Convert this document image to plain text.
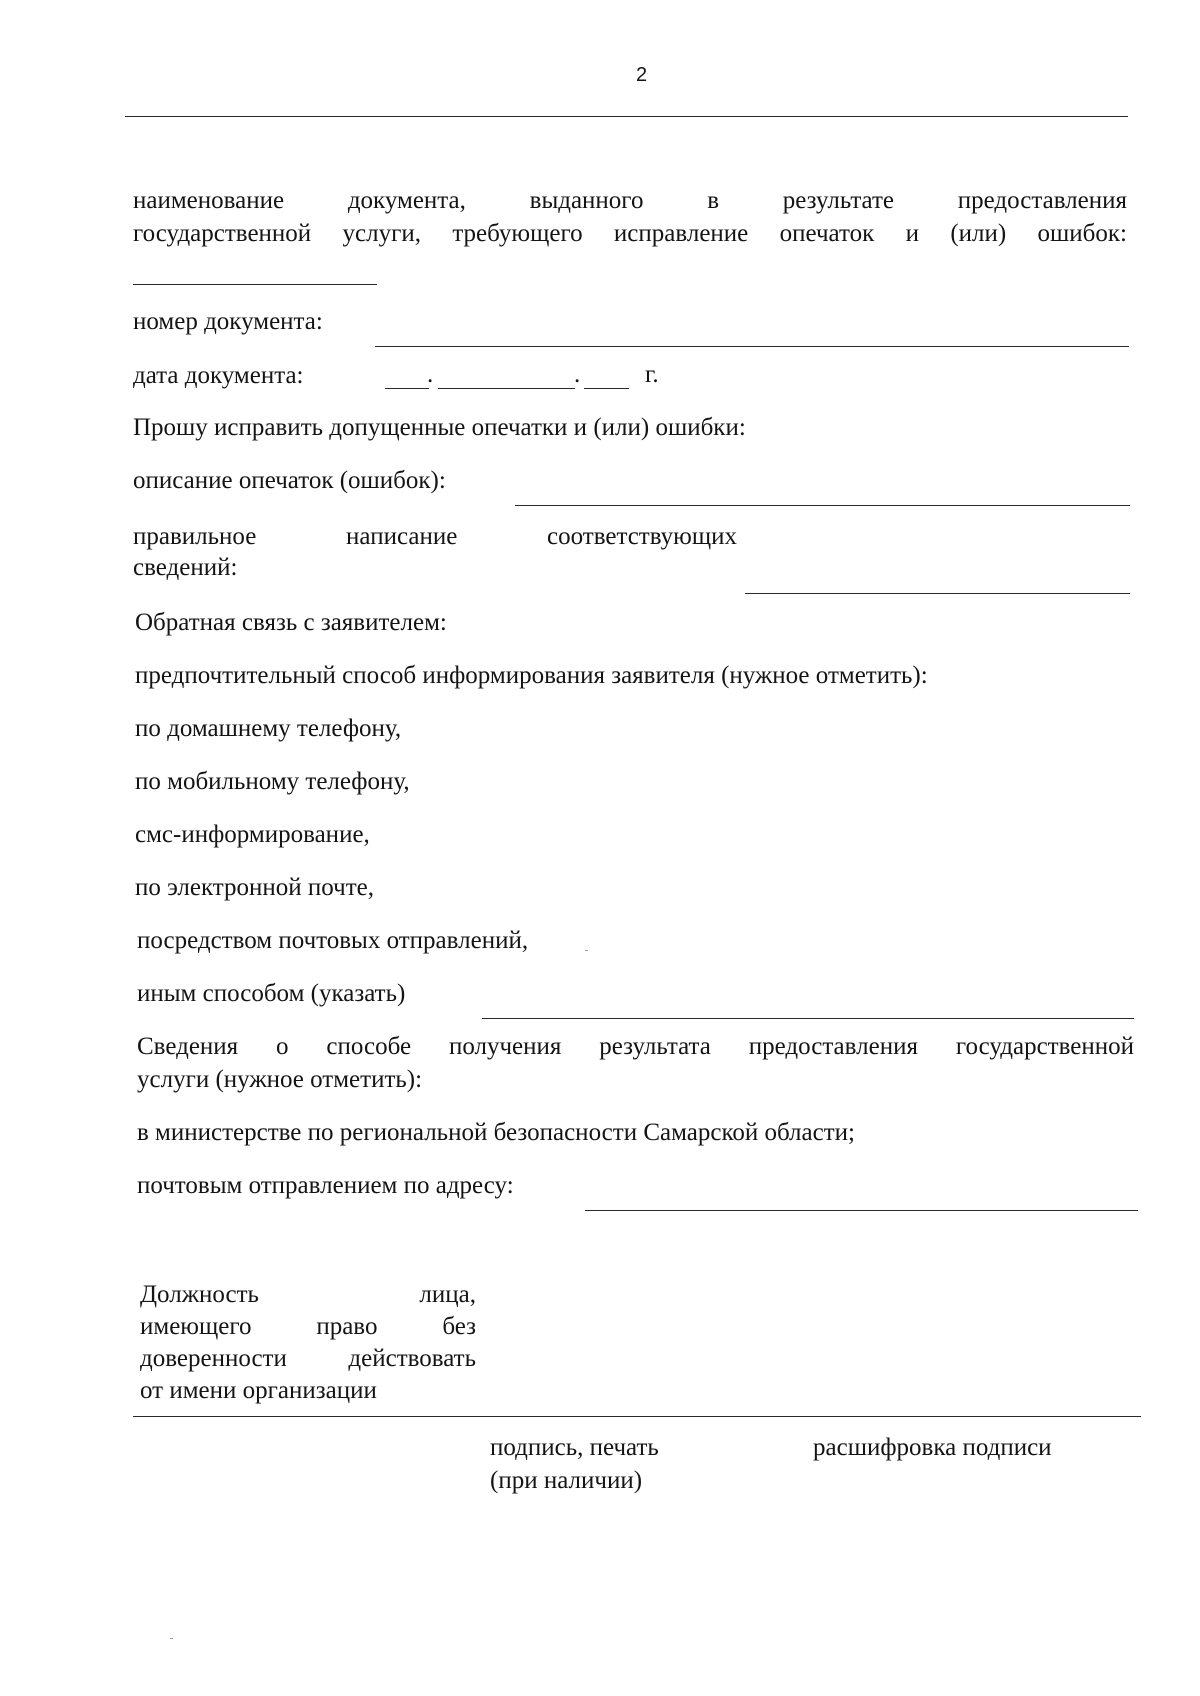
2
наименование документа, выданного в результате предоставления
государственной услуги, требующего исправление опечаток и (или) ошибок:
номер документа:
дата документа:	.	.	г.
Прошу исправить допущенные опечатки и (или) ошибки:
описание опечаток (ошибок):
правильное написание соответствующих
сведений:
Обратная связь с заявителем:
предпочтительный способ информирования заявителя (нужное отметить):
по домашнему телефону,
по мобильному телефону,
смс-информирование,
по электронной почте,
посредством почтовых отправлений,
иным способом (указать)
Сведения о способе получения результата предоставления государственной
услуги (нужное отметить):
в министерстве по региональной безопасности Самарской области;
почтовым отправлением по адресу:
Должность лица,
имеющего право без
доверенности действовать
от имени организации
подпись, печать
(при наличии)
расшифровка подписи
